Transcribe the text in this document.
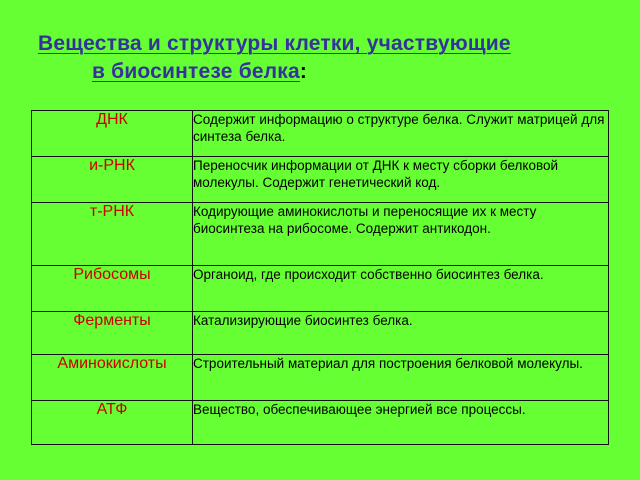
Вещества и структуры клетки, участвующие
в биосинтезе белка:
ДНК	Содержит информацию о структуре белка. Служит матрицей для синтеза белка.
и-РНК	Переносчик информации от ДНК к месту сборки белковой молекулы. Содержит генетический код.
т-РНК	Кодирующие аминокислоты и переносящие их к месту биосинтеза на рибосоме. Содержит антикодон.
Рибосомы	Органоид, где происходит собственно биосинтез белка.
Ферменты	Катализирующие биосинтез белка.
Аминокислоты	Строительный материал для построения белковой молекулы.
АТФ	Вещество, обеспечивающее энергией все процессы.
